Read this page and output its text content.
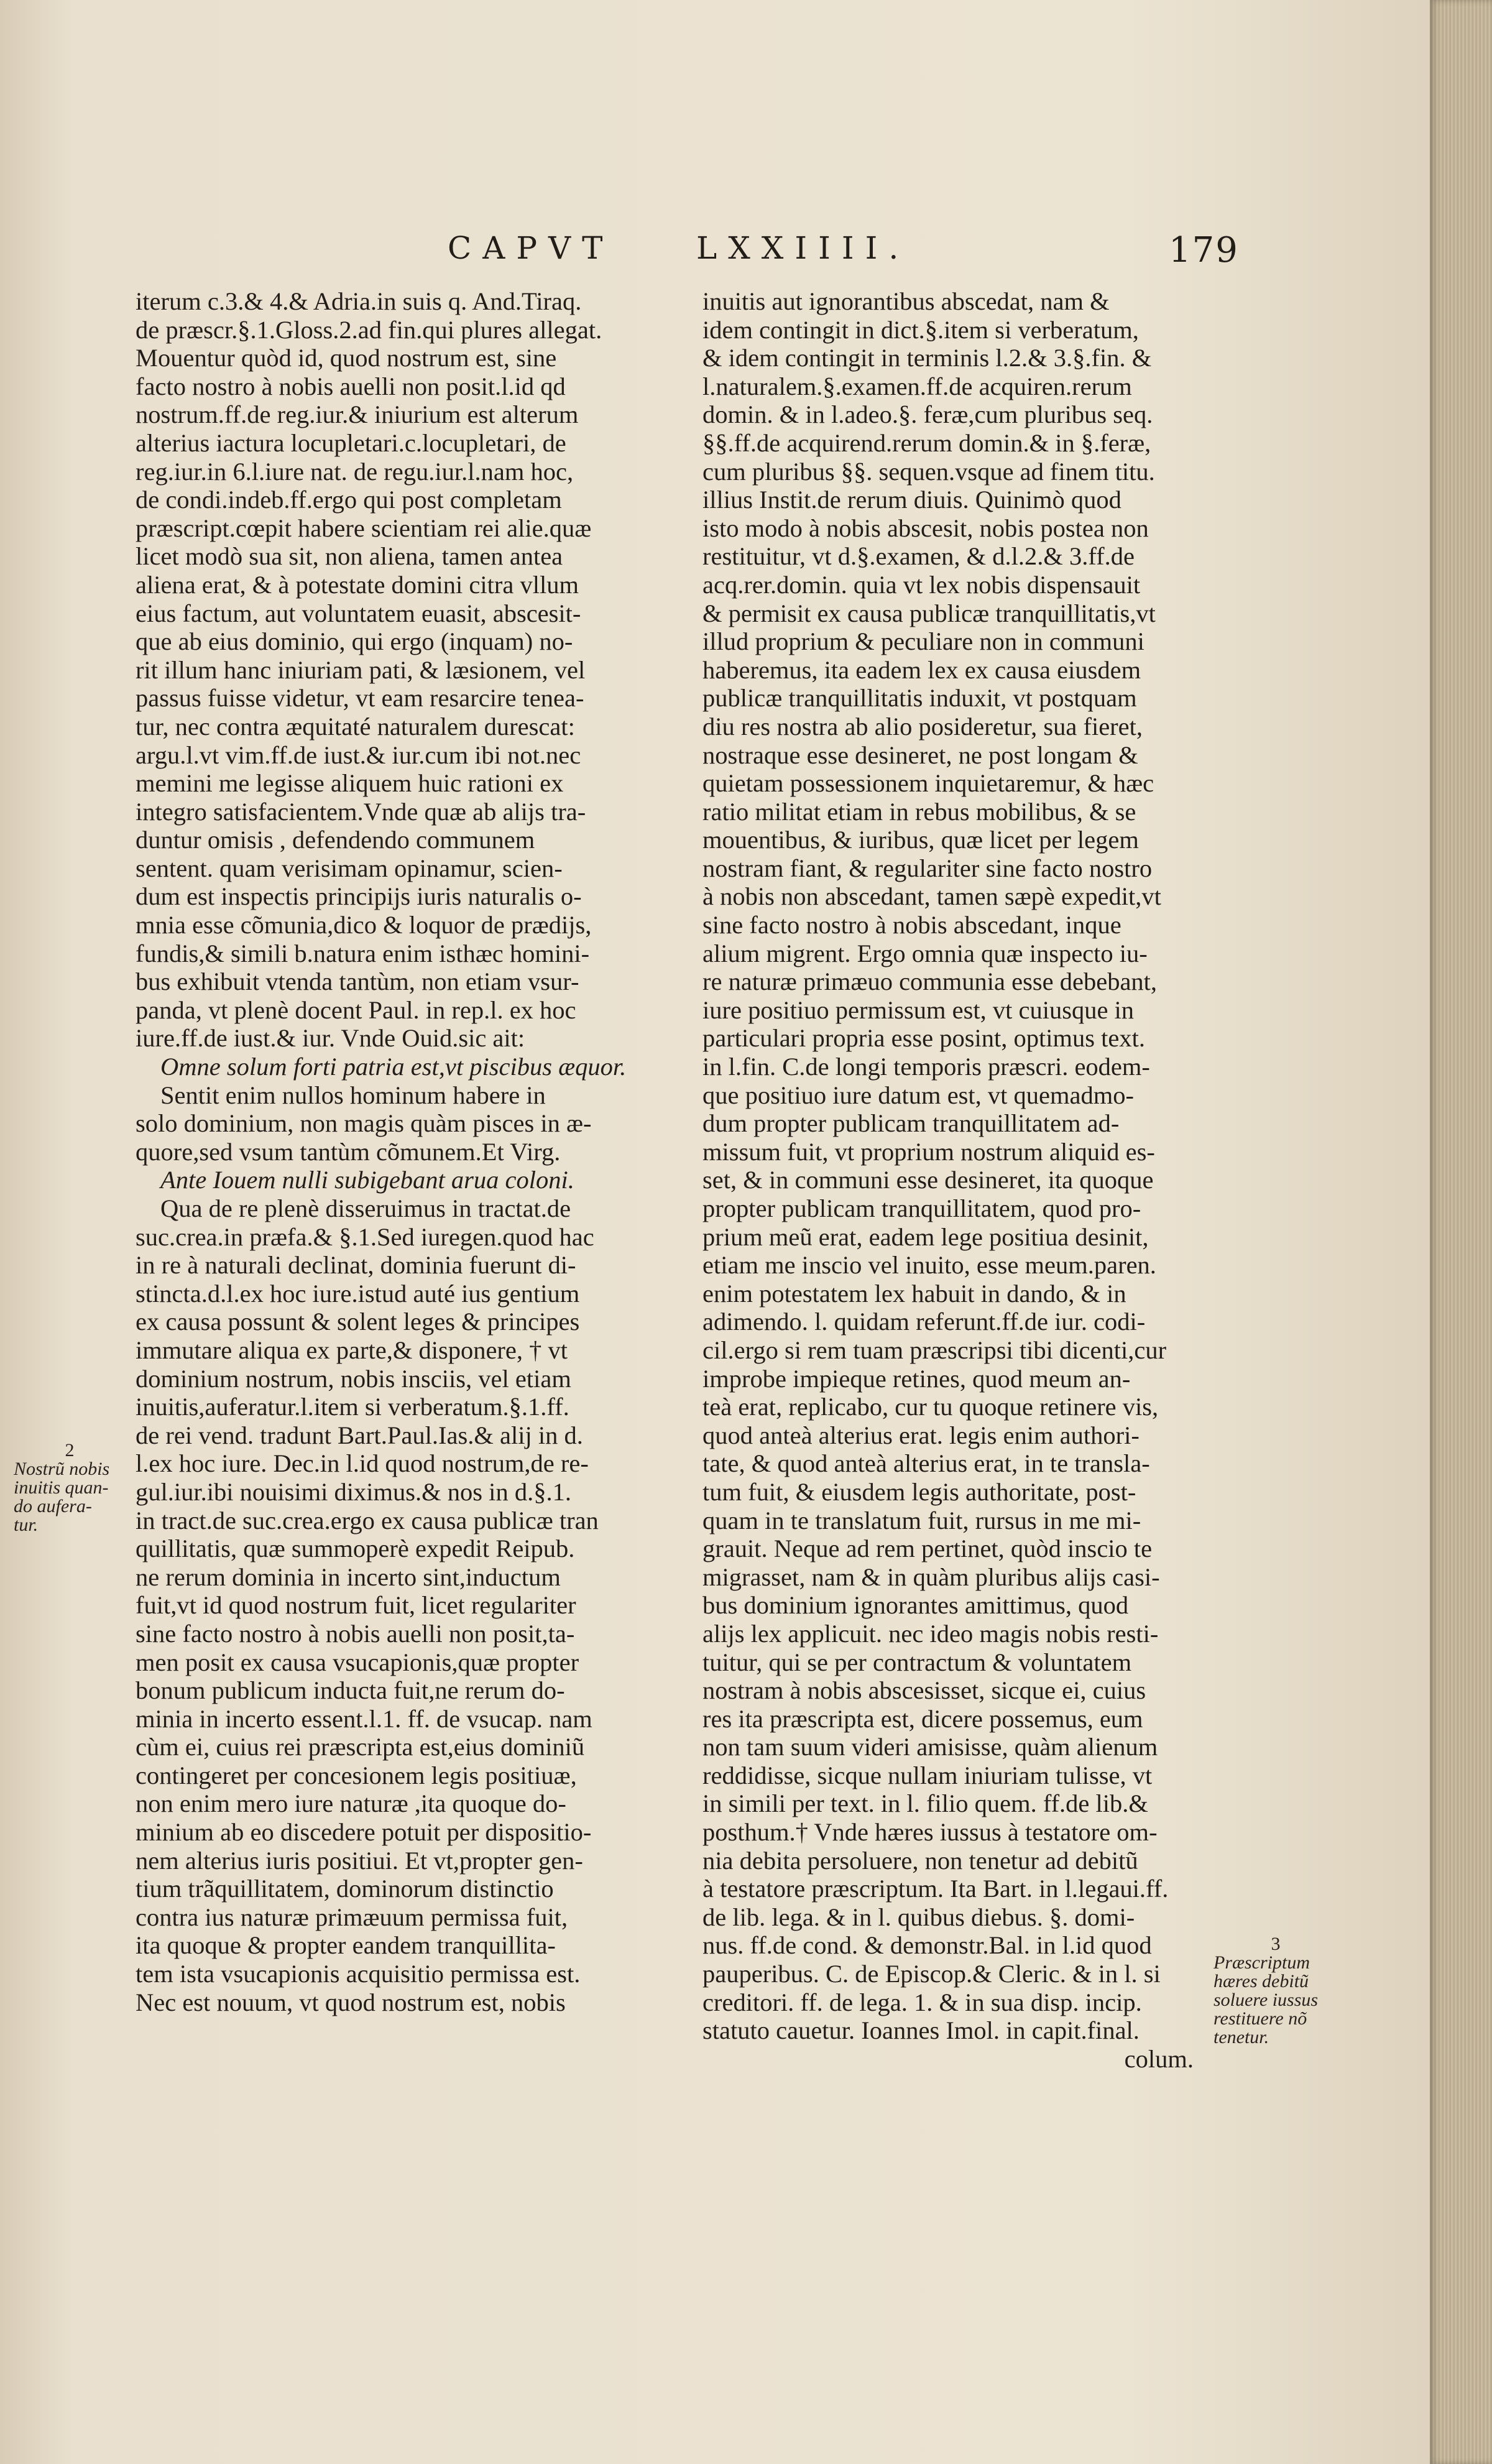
CAPVT	LXXIIII.	179
iterum c.3.& 4.& Adria.in suis q. And.Tiraq.
de præscr.§.1.Gloss.2.ad fin.qui plures allegat.
Mouentur quòd id, quod nostrum est, sine
facto nostro à nobis auelli non posit.l.id qd
nostrum.ff.de reg.iur.& iniurium est alterum
alterius iactura locupletari.c.locupletari, de
reg.iur.in 6.l.iure nat. de regu.iur.l.nam hoc,
de condi.indeb.ff.ergo qui post completam
præscript.cœpit habere scientiam rei alie.quæ
licet modò sua sit, non aliena, tamen antea
aliena erat, & à potestate domini citra vllum
eius factum, aut voluntatem euasit, abscesit-
que ab eius dominio, qui ergo (inquam) no-
rit illum hanc iniuriam pati, & læsionem, vel
passus fuisse videtur, vt eam resarcire tenea-
tur, nec contra æquitaté naturalem durescat:
argu.l.vt vim.ff.de iust.& iur.cum ibi not.nec
memini me legisse aliquem huic rationi ex
integro satisfacientem.Vnde quæ ab alijs tra-
duntur omisis , defendendo communem
sentent. quam verisimam opinamur, scien-
dum est inspectis principijs iuris naturalis o-
mnia esse cõmunia,dico & loquor de prædijs,
fundis,& simili b.natura enim isthæc homini-
bus exhibuit vtenda tantùm, non etiam vsur-
panda, vt plenè docent Paul. in rep.l. ex hoc
iure.ff.de iust.& iur. Vnde Ouid.sic ait:
Omne solum forti patria est,vt piscibus æquor.
Sentit enim nullos hominum habere in
solo dominium, non magis quàm pisces in æ-
quore,sed vsum tantùm cõmunem.Et Virg.
Ante Iouem nulli subigebant arua coloni.
Qua de re plenè disseruimus in tractat.de
suc.crea.in præfa.& §.1.Sed iuregen.quod hac
in re à naturali declinat, dominia fuerunt di-
stincta.d.l.ex hoc iure.istud auté ius gentium
ex causa possunt & solent leges & principes
immutare aliqua ex parte,& disponere, † vt
dominium nostrum, nobis insciis, vel etiam
inuitis,auferatur.l.item si verberatum.§.1.ff.
de rei vend. tradunt Bart.Paul.Ias.& alij in d.
l.ex hoc iure. Dec.in l.id quod nostrum,de re-
gul.iur.ibi nouisimi diximus.& nos in d.§.1.
in tract.de suc.crea.ergo ex causa publicæ tran
quillitatis, quæ summoperè expedit Reipub.
ne rerum dominia in incerto sint,inductum
fuit,vt id quod nostrum fuit, licet regulariter
sine facto nostro à nobis auelli non posit,ta-
men posit ex causa vsucapionis,quæ propter
bonum publicum inducta fuit,ne rerum do-
minia in incerto essent.l.1. ff. de vsucap. nam
cùm ei, cuius rei præscripta est,eius dominiũ
contingeret per concesionem legis positiuæ,
non enim mero iure naturæ ,ita quoque do-
minium ab eo discedere potuit per dispositio-
nem alterius iuris positiui. Et vt,propter gen-
tium trãquillitatem, dominorum distinctio
contra ius naturæ primæuum permissa fuit,
ita quoque & propter eandem tranquillita-
tem ista vsucapionis acquisitio permissa est.
Nec est nouum, vt quod nostrum est, nobis
inuitis aut ignorantibus abscedat, nam &
idem contingit in dict.§.item si verberatum,
& idem contingit in terminis l.2.& 3.§.fin. &
l.naturalem.§.examen.ff.de acquiren.rerum
domin. & in l.adeo.§. feræ,cum pluribus seq.
§§.ff.de acquirend.rerum domin.& in §.feræ,
cum pluribus §§. sequen.vsque ad finem titu.
illius Instit.de rerum diuis. Quinimò quod
isto modo à nobis abscesit, nobis postea non
restituitur, vt d.§.examen, & d.l.2.& 3.ff.de
acq.rer.domin. quia vt lex nobis dispensauit
& permisit ex causa publicæ tranquillitatis,vt
illud proprium & peculiare non in communi
haberemus, ita eadem lex ex causa eiusdem
publicæ tranquillitatis induxit, vt postquam
diu res nostra ab alio posideretur, sua fieret,
nostraque esse desineret, ne post longam &
quietam possessionem inquietaremur, & hæc
ratio militat etiam in rebus mobilibus, & se
mouentibus, & iuribus, quæ licet per legem
nostram fiant, & regulariter sine facto nostro
à nobis non abscedant, tamen sæpè expedit,vt
sine facto nostro à nobis abscedant, inque
alium migrent. Ergo omnia quæ inspecto iu-
re naturæ primæuo communia esse debebant,
iure positiuo permissum est, vt cuiusque in
particulari propria esse posint, optimus text.
in l.fin. C.de longi temporis præscri. eodem-
que positiuo iure datum est, vt quemadmo-
dum propter publicam tranquillitatem ad-
missum fuit, vt proprium nostrum aliquid es-
set, & in communi esse desineret, ita quoque
propter publicam tranquillitatem, quod pro-
prium meũ erat, eadem lege positiua desinit,
etiam me inscio vel inuito, esse meum.paren.
enim potestatem lex habuit in dando, & in
adimendo. l. quidam referunt.ff.de iur. codi-
cil.ergo si rem tuam præscripsi tibi dicenti,cur
improbe impieque retines, quod meum an-
teà erat, replicabo, cur tu quoque retinere vis,
quod anteà alterius erat. legis enim authori-
tate, & quod anteà alterius erat, in te translа-
tum fuit, & eiusdem legis authoritate, post-
quam in te translatum fuit, rursus in me mi-
grauit. Neque ad rem pertinet, quòd inscio te
migrasset, nam & in quàm pluribus alijs casi-
bus dominium ignorantes amittimus, quod
alijs lex applicuit. nec ideo magis nobis resti-
tuitur, qui se per contractum & voluntatem
nostram à nobis abscesisset, sicque ei, cuius
res ita præscripta est, dicere possemus, eum
non tam suum videri amisisse, quàm alienum
reddidisse, sicque nullam iniuriam tulisse, vt
in simili per text. in l. filio quem. ff.de lib.&
posthum.† Vnde hæres iussus à testatore om-
nia debita persoluere, non tenetur ad debitũ
à testatore præscriptum. Ita Bart. in l.legaui.ff.
de lib. lega. & in l. quibus diebus. §. domi-
nus. ff.de cond. & demonstr.Bal. in l.id quod
pauperibus. C. de Episcop.& Cleric. & in l. si
creditori. ff. de lega. 1. & in sua disp. incip.
statuto cauetur. Ioannes Imol. in capit.final.
colum.
2
Nostrũ nobis
inuitis quan-
do aufera-
tur.
3
Præscriptum
hæres debitũ
soluere iussus
restituere nõ
tenetur.
